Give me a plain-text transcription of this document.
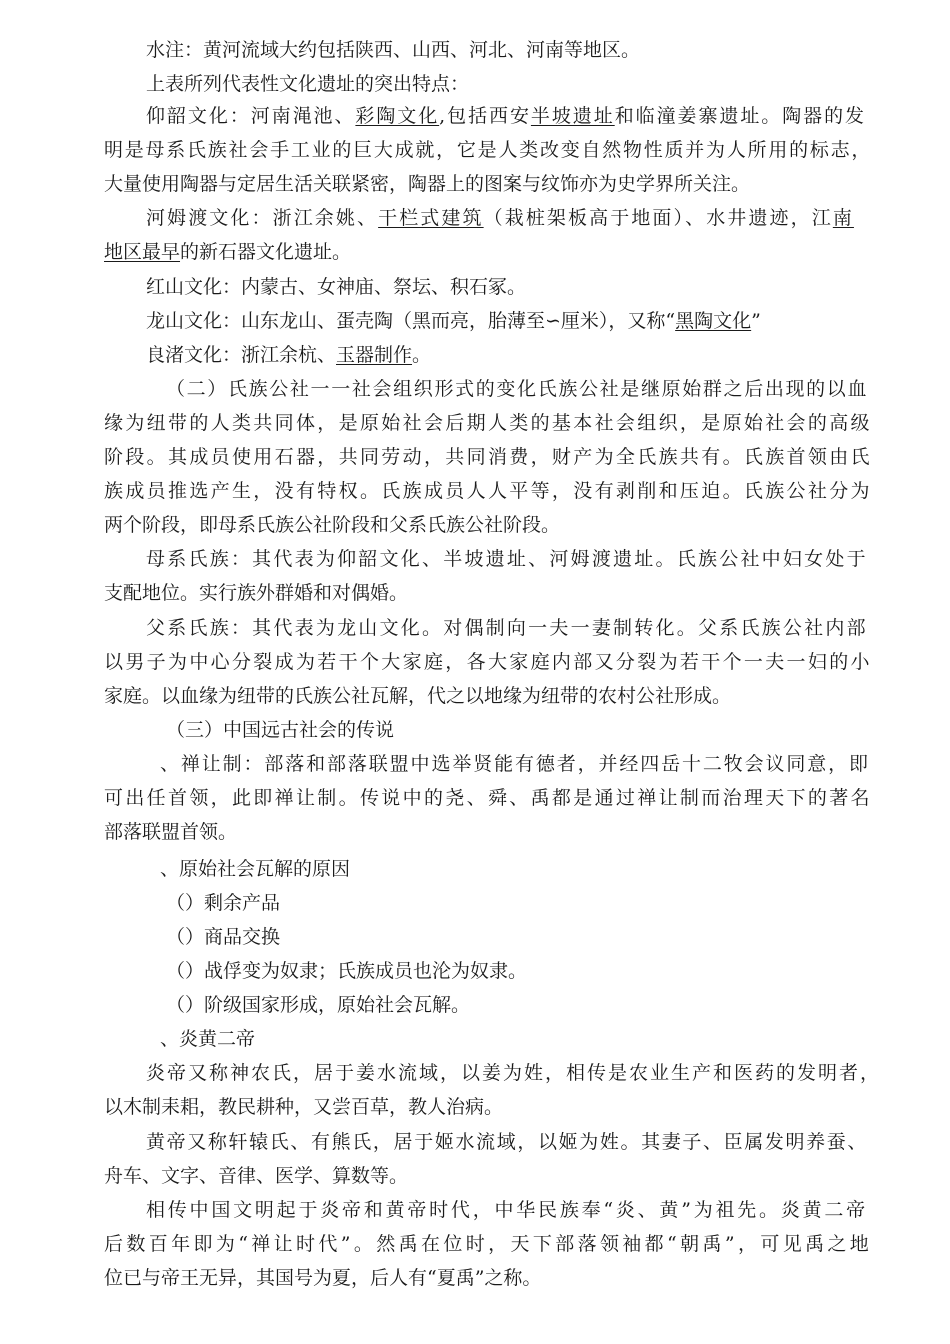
水注：黄河流域大约包括陕西、山西、河北、河南等地区。
上表所列代表性文化遗址的突出特点：
仰韶文化：河南渑池、彩陶文化,包括西安半坡遗址和临潼姜寨遗址。陶器的发
明是母系氏族社会手工业的巨大成就，它是人类改变自然物性质并为人所用的标志，
大量使用陶器与定居生活关联紧密，陶器上的图案与纹饰亦为史学界所关注。
河姆渡文化：浙江余姚、干栏式建筑（栽桩架板高于地面）、水井遗迹，江南
地区最早的新石器文化遗址。
红山文化：内蒙古、女神庙、祭坛、积石冢。
龙山文化：山东龙山、蛋壳陶（黑而亮，胎薄至∽厘米），又称“黑陶文化”
良渚文化：浙江余杭、玉器制作。
（二）氏族公社一一社会组织形式的变化氏族公社是继原始群之后出现的以血
缘为纽带的人类共同体，是原始社会后期人类的基本社会组织，是原始社会的高级
阶段。其成员使用石器，共同劳动，共同消费，财产为全氏族共有。氏族首领由氏
族成员推选产生，没有特权。氏族成员人人平等，没有剥削和压迫。氏族公社分为
两个阶段，即母系氏族公社阶段和父系氏族公社阶段。
母系氏族：其代表为仰韶文化、半坡遗址、河姆渡遗址。氏族公社中妇女处于
支配地位。实行族外群婚和对偶婚。
父系氏族：其代表为龙山文化。对偶制向一夫一妻制转化。父系氏族公社内部
以男子为中心分裂成为若干个大家庭，各大家庭内部又分裂为若干个一夫一妇的小
家庭。以血缘为纽带的氏族公社瓦解，代之以地缘为纽带的农村公社形成。
（三）中国远古社会的传说
、禅让制：部落和部落联盟中选举贤能有德者，并经四岳十二牧会议同意，即
可出任首领，此即禅让制。传说中的尧、舜、禹都是通过禅让制而治理天下的著名
部落联盟首领。
、原始社会瓦解的原因
（）剩余产品
（）商品交换
（）战俘变为奴隶；氏族成员也沦为奴隶。
（）阶级国家形成，原始社会瓦解。
、炎黄二帝
炎帝又称神农氏，居于姜水流域，以姜为姓，相传是农业生产和医药的发明者，
以木制耒耜，教民耕种，又尝百草，教人治病。
黄帝又称轩辕氏、有熊氏，居于姬水流域，以姬为姓。其妻子、臣属发明养蚕、
舟车、文字、音律、医学、算数等。
相传中国文明起于炎帝和黄帝时代，中华民族奉“炎、黄”为祖先。炎黄二帝
后数百年即为“禅让时代”。然禹在位时，天下部落领袖都“朝禹”，可见禹之地
位已与帝王无异，其国号为夏，后人有“夏禹”之称。
